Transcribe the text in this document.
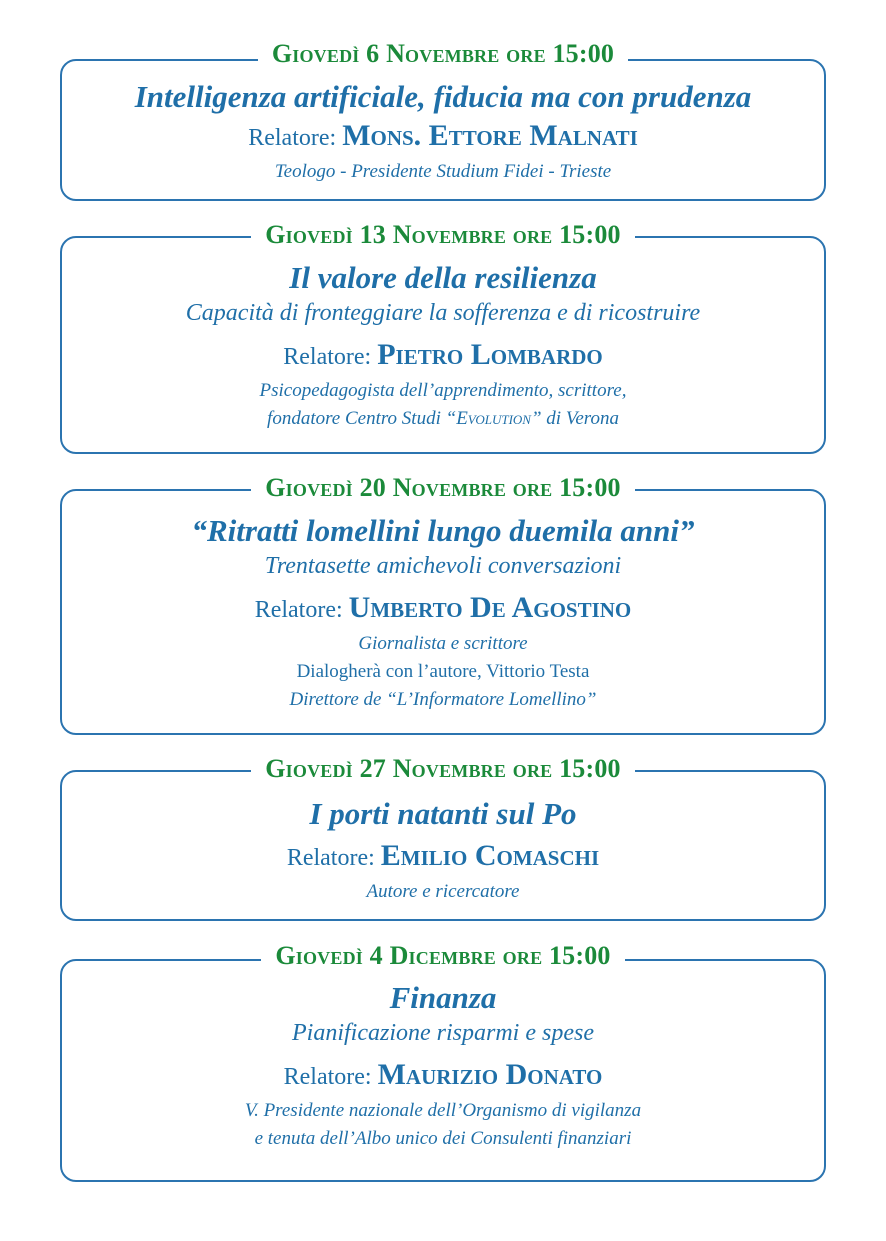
Giovedì 6 Novembre ore 15:00
Intelligenza artificiale, fiducia ma con prudenza
Relatore: Mons. Ettore Malnati
Teologo - Presidente Studium Fidei - Trieste
Giovedì 13 Novembre ore 15:00
Il valore della resilienza
Capacità di fronteggiare la sofferenza e di ricostruire
Relatore: Pietro Lombardo
Psicopedagogista dell’apprendimento, scrittore,
fondatore Centro Studi “Evolution” di Verona
Giovedì 20 Novembre ore 15:00
“Ritratti lomellini lungo duemila anni”
Trentasette amichevoli conversazioni
Relatore: Umberto De Agostino
Giornalista e scrittore
Dialogherà con l’autore, Vittorio Testa
Direttore de “L’Informatore Lomellino”
Giovedì 27 Novembre ore 15:00
I porti natanti sul Po
Relatore: Emilio Comaschi
Autore e ricercatore
Giovedì 4 Dicembre ore 15:00
Finanza
Pianificazione risparmi e spese
Relatore: Maurizio Donato
V. Presidente nazionale dell’Organismo di vigilanza
e tenuta dell’Albo unico dei Consulenti finanziari
